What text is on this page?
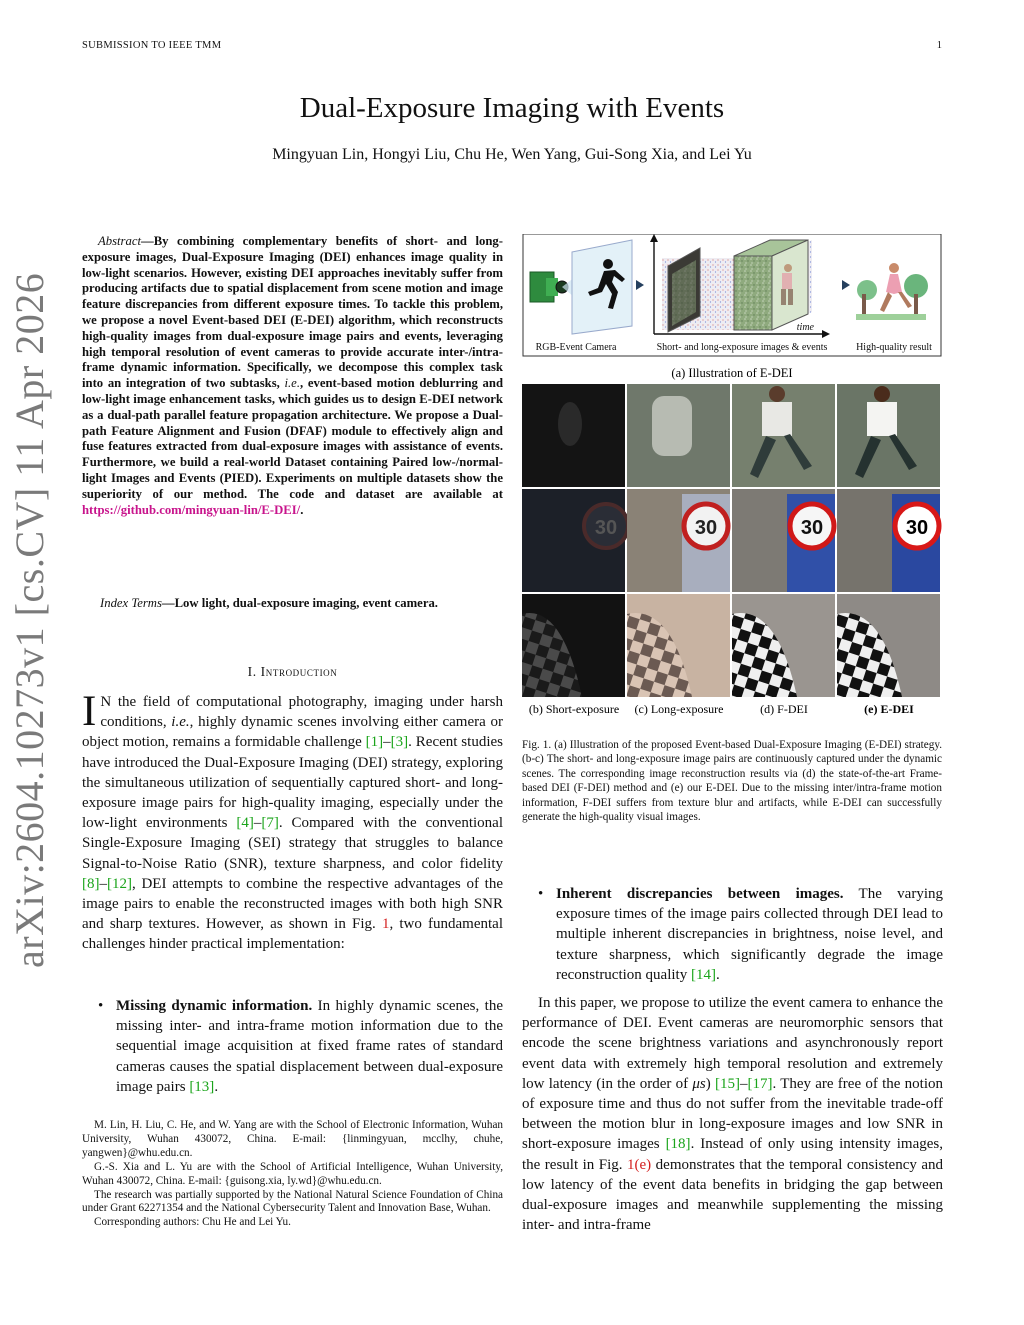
SUBMISSION TO IEEE TMM	1
arXiv:2604.10273v1 [cs.CV] 11 Apr 2026
Dual-Exposure Imaging with Events
Mingyuan Lin, Hongyi Liu, Chu He, Wen Yang, Gui-Song Xia, and Lei Yu
Abstract—By combining complementary benefits of short- and long-exposure images, Dual-Exposure Imaging (DEI) enhances image quality in low-light scenarios. However, existing DEI approaches inevitably suffer from producing artifacts due to spatial displacement from scene motion and image feature discrepancies from different exposure times. To tackle this problem, we propose a novel Event-based DEI (E-DEI) algorithm, which reconstructs high-quality images from dual-exposure image pairs and events, leveraging high temporal resolution of event cameras to provide accurate inter-/intra-frame dynamic information. Specifically, we decompose this complex task into an integration of two subtasks, i.e., event-based motion deblurring and low-light image enhancement tasks, which guides us to design E-DEI network as a dual-path parallel feature propagation architecture. We propose a Dual-path Feature Alignment and Fusion (DFAF) module to effectively align and fuse features extracted from dual-exposure images with assistance of events. Furthermore, we build a real-world Dataset containing Paired low-/normal-light Images and Events (PIED). Experiments on multiple datasets show the superiority of our method. The code and dataset are available at https://github.com/mingyuan-lin/E-DEI/.
Index Terms—Low light, dual-exposure imaging, event camera.
I. Introduction
I N the field of computational photography, imaging under harsh conditions, i.e., highly dynamic scenes involving either camera or object motion, remains a formidable challenge [1]–[3]. Recent studies have introduced the Dual-Exposure Imaging (DEI) strategy, exploring the simultaneous utilization of sequentially captured short- and long-exposure image pairs for high-quality imaging, especially under the low-light environments [4]–[7]. Compared with the conventional Single-Exposure Imaging (SEI) strategy that struggles to balance Signal-to-Noise Ratio (SNR), texture sharpness, and color fidelity [8]–[12], DEI attempts to combine the respective advantages of the image pairs to enable the reconstructed images with both high SNR and sharp textures. However, as shown in Fig. 1, two fundamental challenges hinder practical implementation:
• Missing dynamic information. In highly dynamic scenes, the missing inter- and intra-frame motion information due to the sequential image acquisition at fixed frame rates of standard cameras causes the spatial displacement between dual-exposure image pairs [13].

M. Lin, H. Liu, C. He, and W. Yang are with the School of Electronic Information, Wuhan University, Wuhan 430072, China. E-mail: {linmingyuan, mcclhy, chuhe, yangwen}@whu.edu.cn.

G.-S. Xia and L. Yu are with the School of Artificial Intelligence, Wuhan University, Wuhan 430072, China. E-mail: {guisong.xia, ly.wd}@whu.edu.cn.

The research was partially supported by the National Natural Science Foundation of China under Grant 62271354 and the National Cybersecurity Talent and Innovation Base, Wuhan.

Corresponding authors: Chu He and Lei Yu.

time
RGB-Event Camera	Short- and long-exposure images & events	High-quality result
(a) Illustration of E-DEI
30	30	30	30
(b) Short-exposure (c) Long-exposure	(d) F-DEI	(e) E-DEI
Fig. 1. (a) Illustration of the proposed Event-based Dual-Exposure Imaging (E-DEI) strategy. (b-c) The short- and long-exposure image pairs are continuously captured under the dynamic scenes. The corresponding image reconstruction results via (d) the state-of-the-art Frame-based DEI (F-DEI) method and (e) our E-DEI. Due to the missing inter/intra-frame motion information, F-DEI suffers from texture blur and artifacts, while E-DEI can successfully generate the high-quality visual images.
• Inherent discrepancies between images. The varying exposure times of the image pairs collected through DEI lead to multiple inherent discrepancies in brightness, noise level, and texture sharpness, which significantly degrade the image reconstruction quality [14].
In this paper, we propose to utilize the event camera to enhance the performance of DEI. Event cameras are neuromorphic sensors that encode the scene brightness variations and asynchronously report event data with extremely high temporal resolution and extremely low latency (in the order of μs) [15]–[17]. They are free of the notion of exposure time and thus do not suffer from the inevitable trade-off between the motion blur in long-exposure images and low SNR in short-exposure images [18]. Instead of only using intensity images, the result in Fig. 1(e) demonstrates that the temporal consistency and low latency of the event data benefits in bridging the gap between dual-exposure images and meanwhile supplementing the missing inter- and intra-frame
